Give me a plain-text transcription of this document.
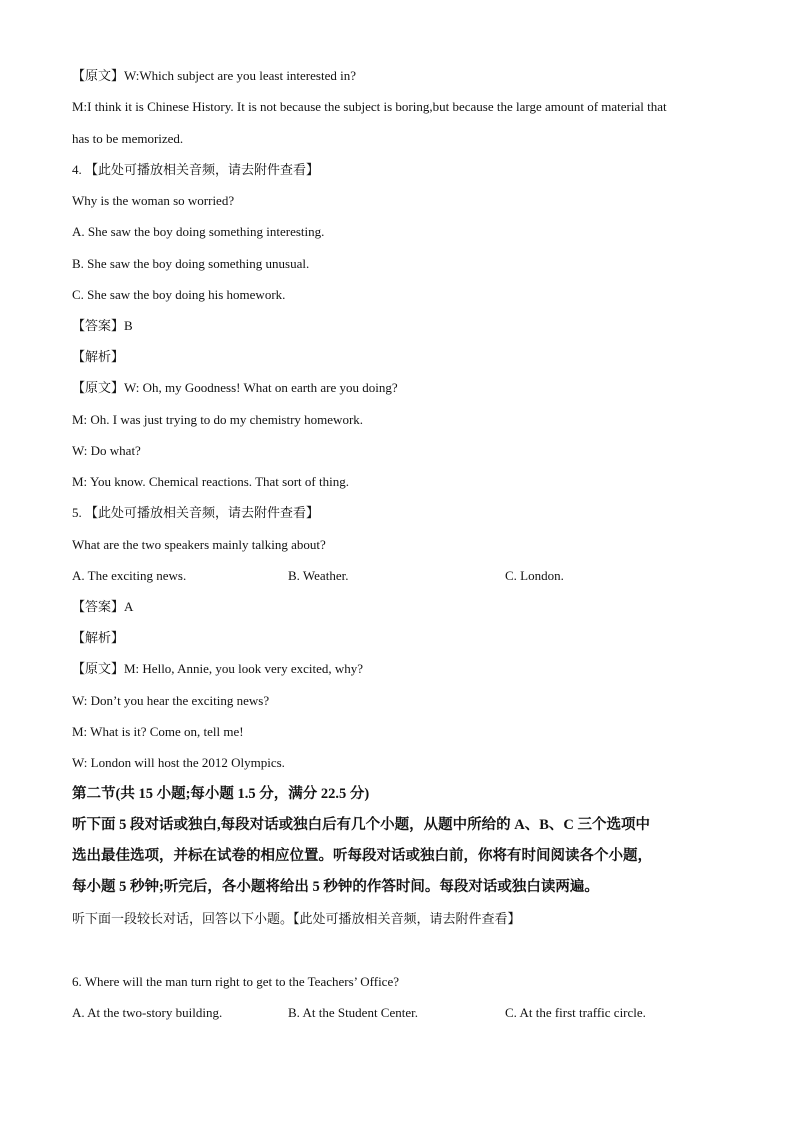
【原文】W:Which subject are you least interested in?
M:I think it is Chinese History. It is not because the subject is boring,but because the large amount of material that
has to be memorized.
4. 【此处可播放相关音频，请去附件查看】
Why is the woman so worried?
A. She saw the boy doing something interesting.
B. She saw the boy doing something unusual.
C. She saw the boy doing his homework.
【答案】B
【解析】
【原文】W: Oh, my Goodness! What on earth are you doing?
M: Oh. I was just trying to do my chemistry homework.
W: Do what?
M: You know. Chemical reactions. That sort of thing.
5. 【此处可播放相关音频，请去附件查看】
What are the two speakers mainly talking about?
A. The exciting news.	B. Weather.	C. London.
【答案】A
【解析】
【原文】M: Hello, Annie, you look very excited, why?
W: Don’t you hear the exciting news?
M: What is it? Come on, tell me!
W: London will host the 2012 Olympics.
第二节(共 15 小题;每小题 1.5 分，满分 22.5 分)
听下面 5 段对话或独白,每段对话或独白后有几个小题，从题中所给的 A、B、C 三个选项中
选出最佳选项，并标在试卷的相应位置。听每段对话或独白前，你将有时间阅读各个小题，
每小题 5 秒钟;听完后，各小题将给出 5 秒钟的作答时间。每段对话或独白读两遍。
听下面一段较长对话，回答以下小题。【此处可播放相关音频，请去附件查看】
6. Where will the man turn right to get to the Teachers’ Office?
A. At the two-story building.	B. At the Student Center.	C. At the first traffic circle.
